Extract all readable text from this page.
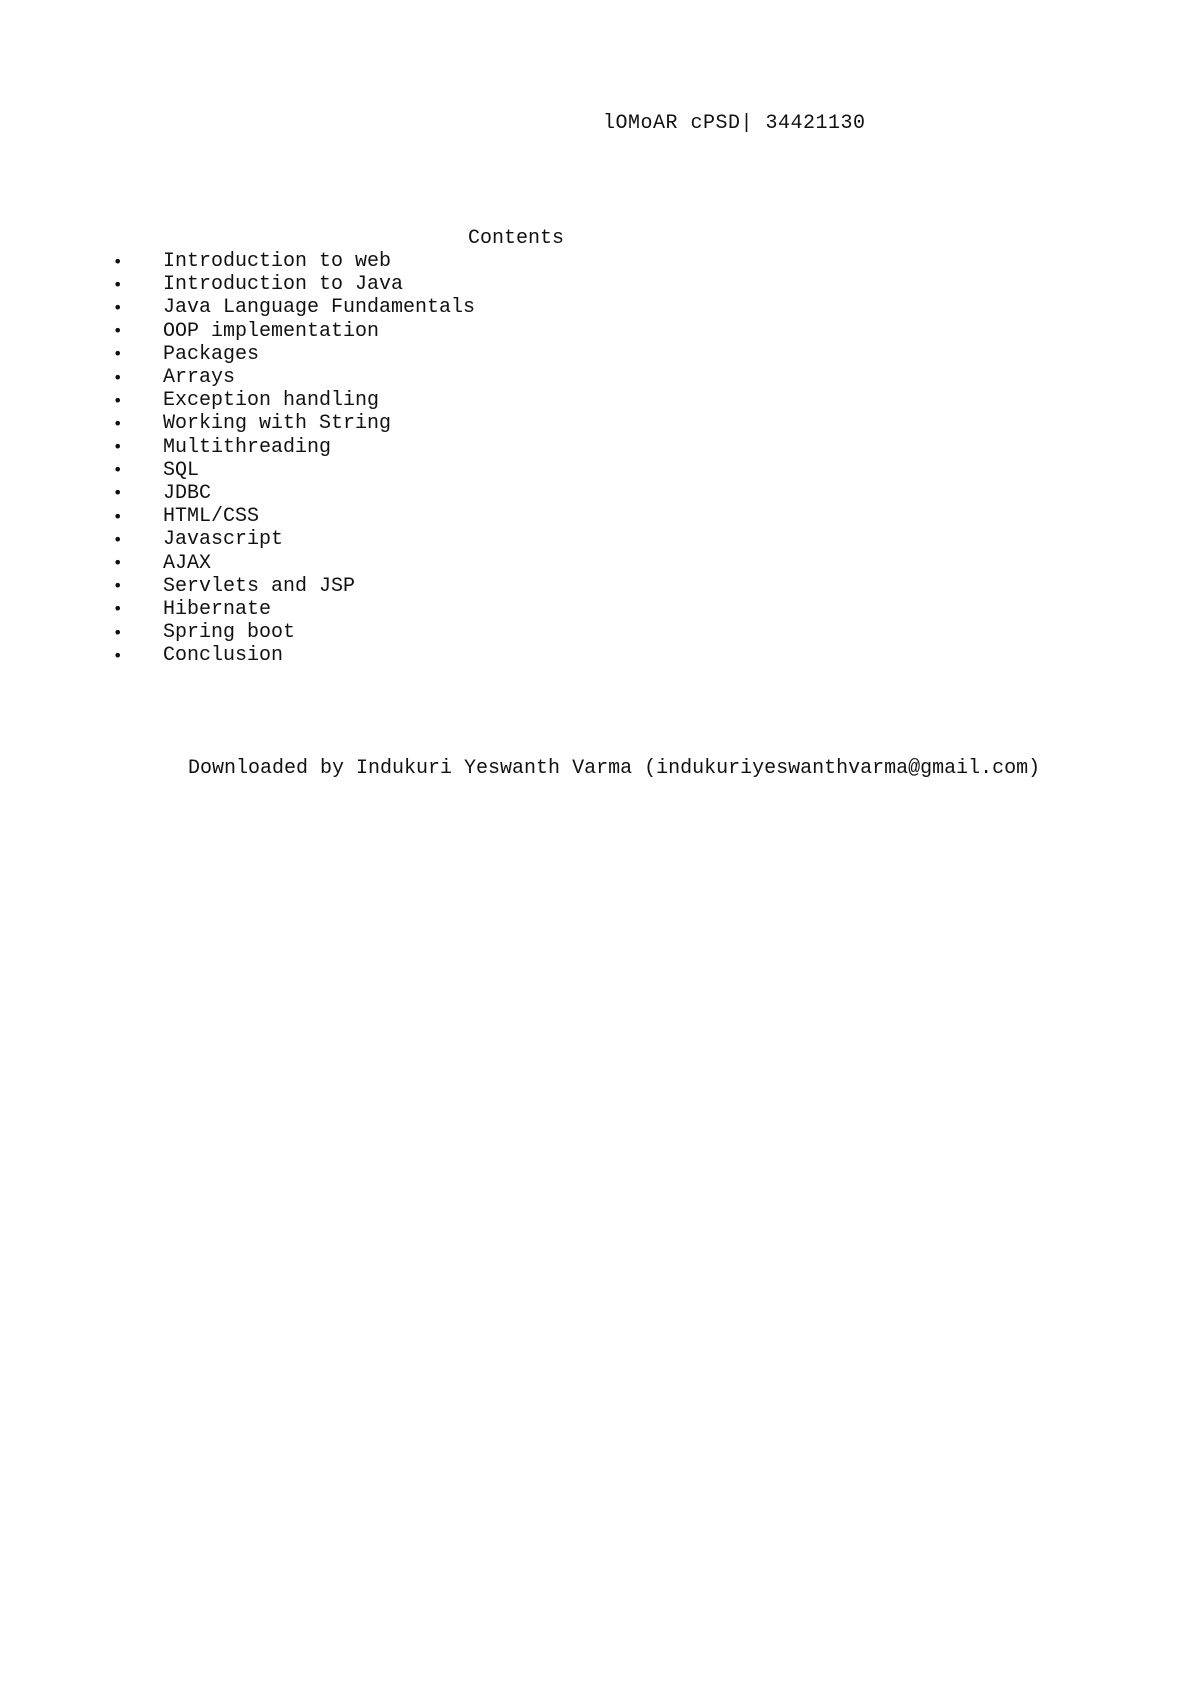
lOMoAR cPSD| 34421130
Contents
•	Introduction to web
•	Introduction to Java
•	Java Language Fundamentals
•	OOP implementation
•	Packages
•	Arrays
•	Exception handling
•	Working with String
•	Multithreading
•	SQL
•	JDBC
•	HTML/CSS
•	Javascript
•	AJAX
•	Servlets and JSP
•	Hibernate
•	Spring boot
•	Conclusion
Downloaded by Indukuri Yeswanth Varma (indukuriyeswanthvarma@gmail.com)
